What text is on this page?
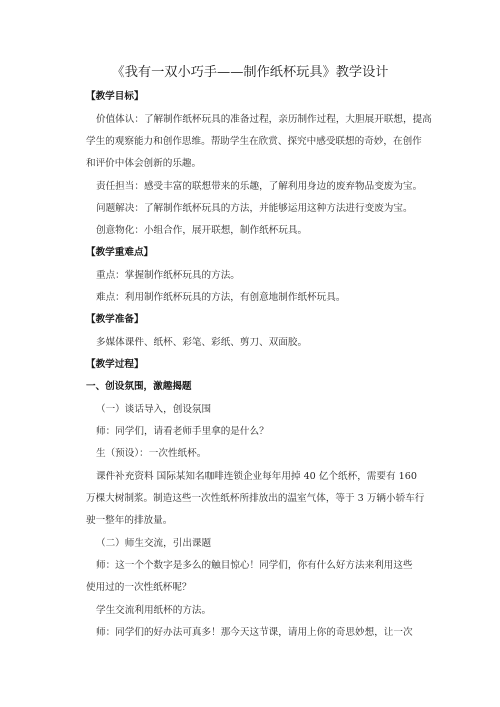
《我有一双小巧手——制作纸杯玩具》教学设计
【教学目标】
价值体认：了解制作纸杯玩具的准备过程，亲历制作过程，大胆展开联想，提高
学生的观察能力和创作思维。帮助学生在欣赏、探究中感受联想的奇妙，在创作
和评价中体会创新的乐趣。
责任担当：感受丰富的联想带来的乐趣，了解利用身边的废弃物品变废为宝。
问题解决：了解制作纸杯玩具的方法，并能够运用这种方法进行变废为宝。
创意物化：小组合作，展开联想，制作纸杯玩具。
【教学重难点】
重点：掌握制作纸杯玩具的方法。
难点：利用制作纸杯玩具的方法，有创意地制作纸杯玩具。
【教学准备】
多媒体课件、纸杯、彩笔、彩纸、剪刀、双面胶。
【教学过程】
一、创设氛围，激趣揭题
（一）谈话导入，创设氛围
师：同学们，请看老师手里拿的是什么？
生（预设）：一次性纸杯。
课件补充资料 国际某知名咖啡连锁企业每年用掉 40 亿个纸杯，需要有 160
万棵大树制浆。制造这些一次性纸杯所排放出的温室气体，等于 3 万辆小轿车行
驶一整年的排放量。
（二）师生交流，引出课题
师：这一个个数字是多么的触目惊心！同学们，你有什么好方法来利用这些
使用过的一次性纸杯呢？
学生交流利用纸杯的方法。
师：同学们的好办法可真多！那今天这节课，请用上你的奇思妙想，让一次
